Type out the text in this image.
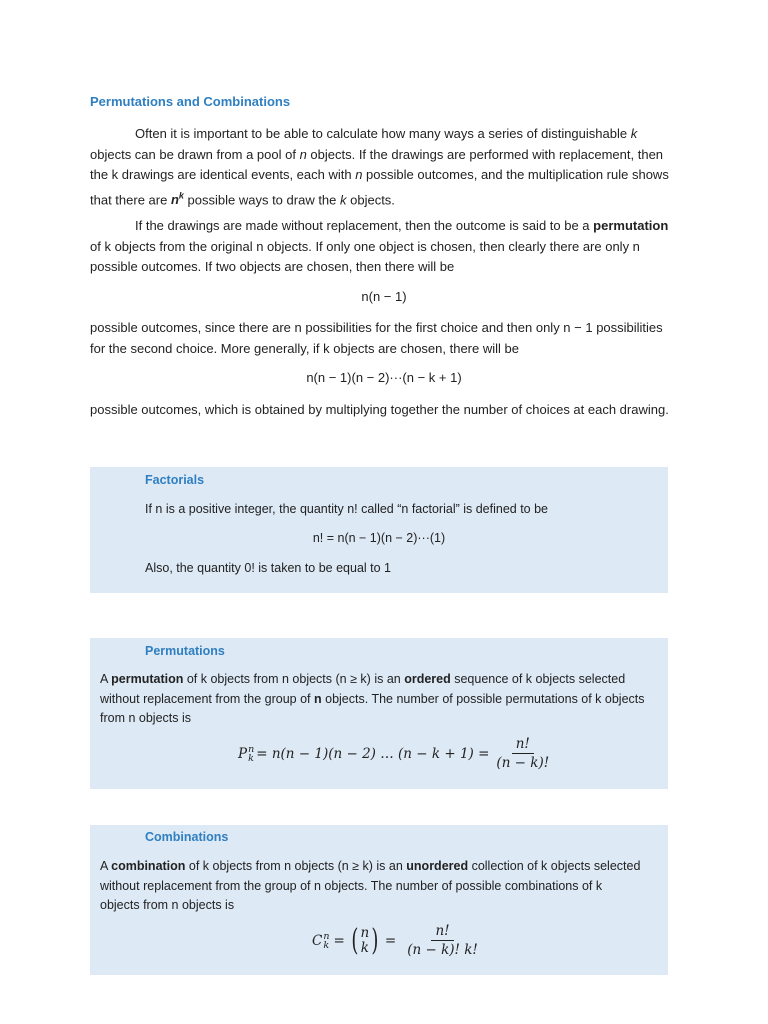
Permutations and Combinations

Often it is important to be able to calculate how many ways a series of distinguishable k objects can be drawn from a pool of n objects. If the drawings are performed with replacement, then the k drawings are identical events, each with n possible outcomes, and the multiplication rule shows that there are $n^k$ possible ways to draw the k objects.

If the drawings are made without replacement, then the outcome is said to be a permutation of k objects from the original n objects. If only one object is chosen, then clearly there are only n possible outcomes. If two objects are chosen, then there will be

n(n − 1)

possible outcomes, since there are n possibilities for the first choice and then only n − 1 possibilities for the second choice. More generally, if k objects are chosen, there will be

n(n − 1)(n − 2)···(n − k + 1)

possible outcomes, which is obtained by multiplying together the number of choices at each drawing.

Factorials

If n is a positive integer, the quantity n! called “n factorial” is defined to be

n! = n(n − 1)(n − 2)···(1)

Also, the quantity 0! is taken to be equal to 1

Permutations

A permutation of k objects from n objects (n ≥ k) is an ordered sequence of k objects selected without replacement from the group of n objects. The number of possible permutations of k objects from n objects is

P n
k = n(n − 1)(n − 2) … $(n - k + 1) = \frac{n!}{(n - k)!}$
Combinations

A combination of k objects from n objects (n ≥ k) is an unordered collection of k objects selected without replacement from the group of n objects. The number of possible combinations of k objects from n objects is

C n
k = ( n
k ) = $\frac{n!}{(n - k)! k!}$
